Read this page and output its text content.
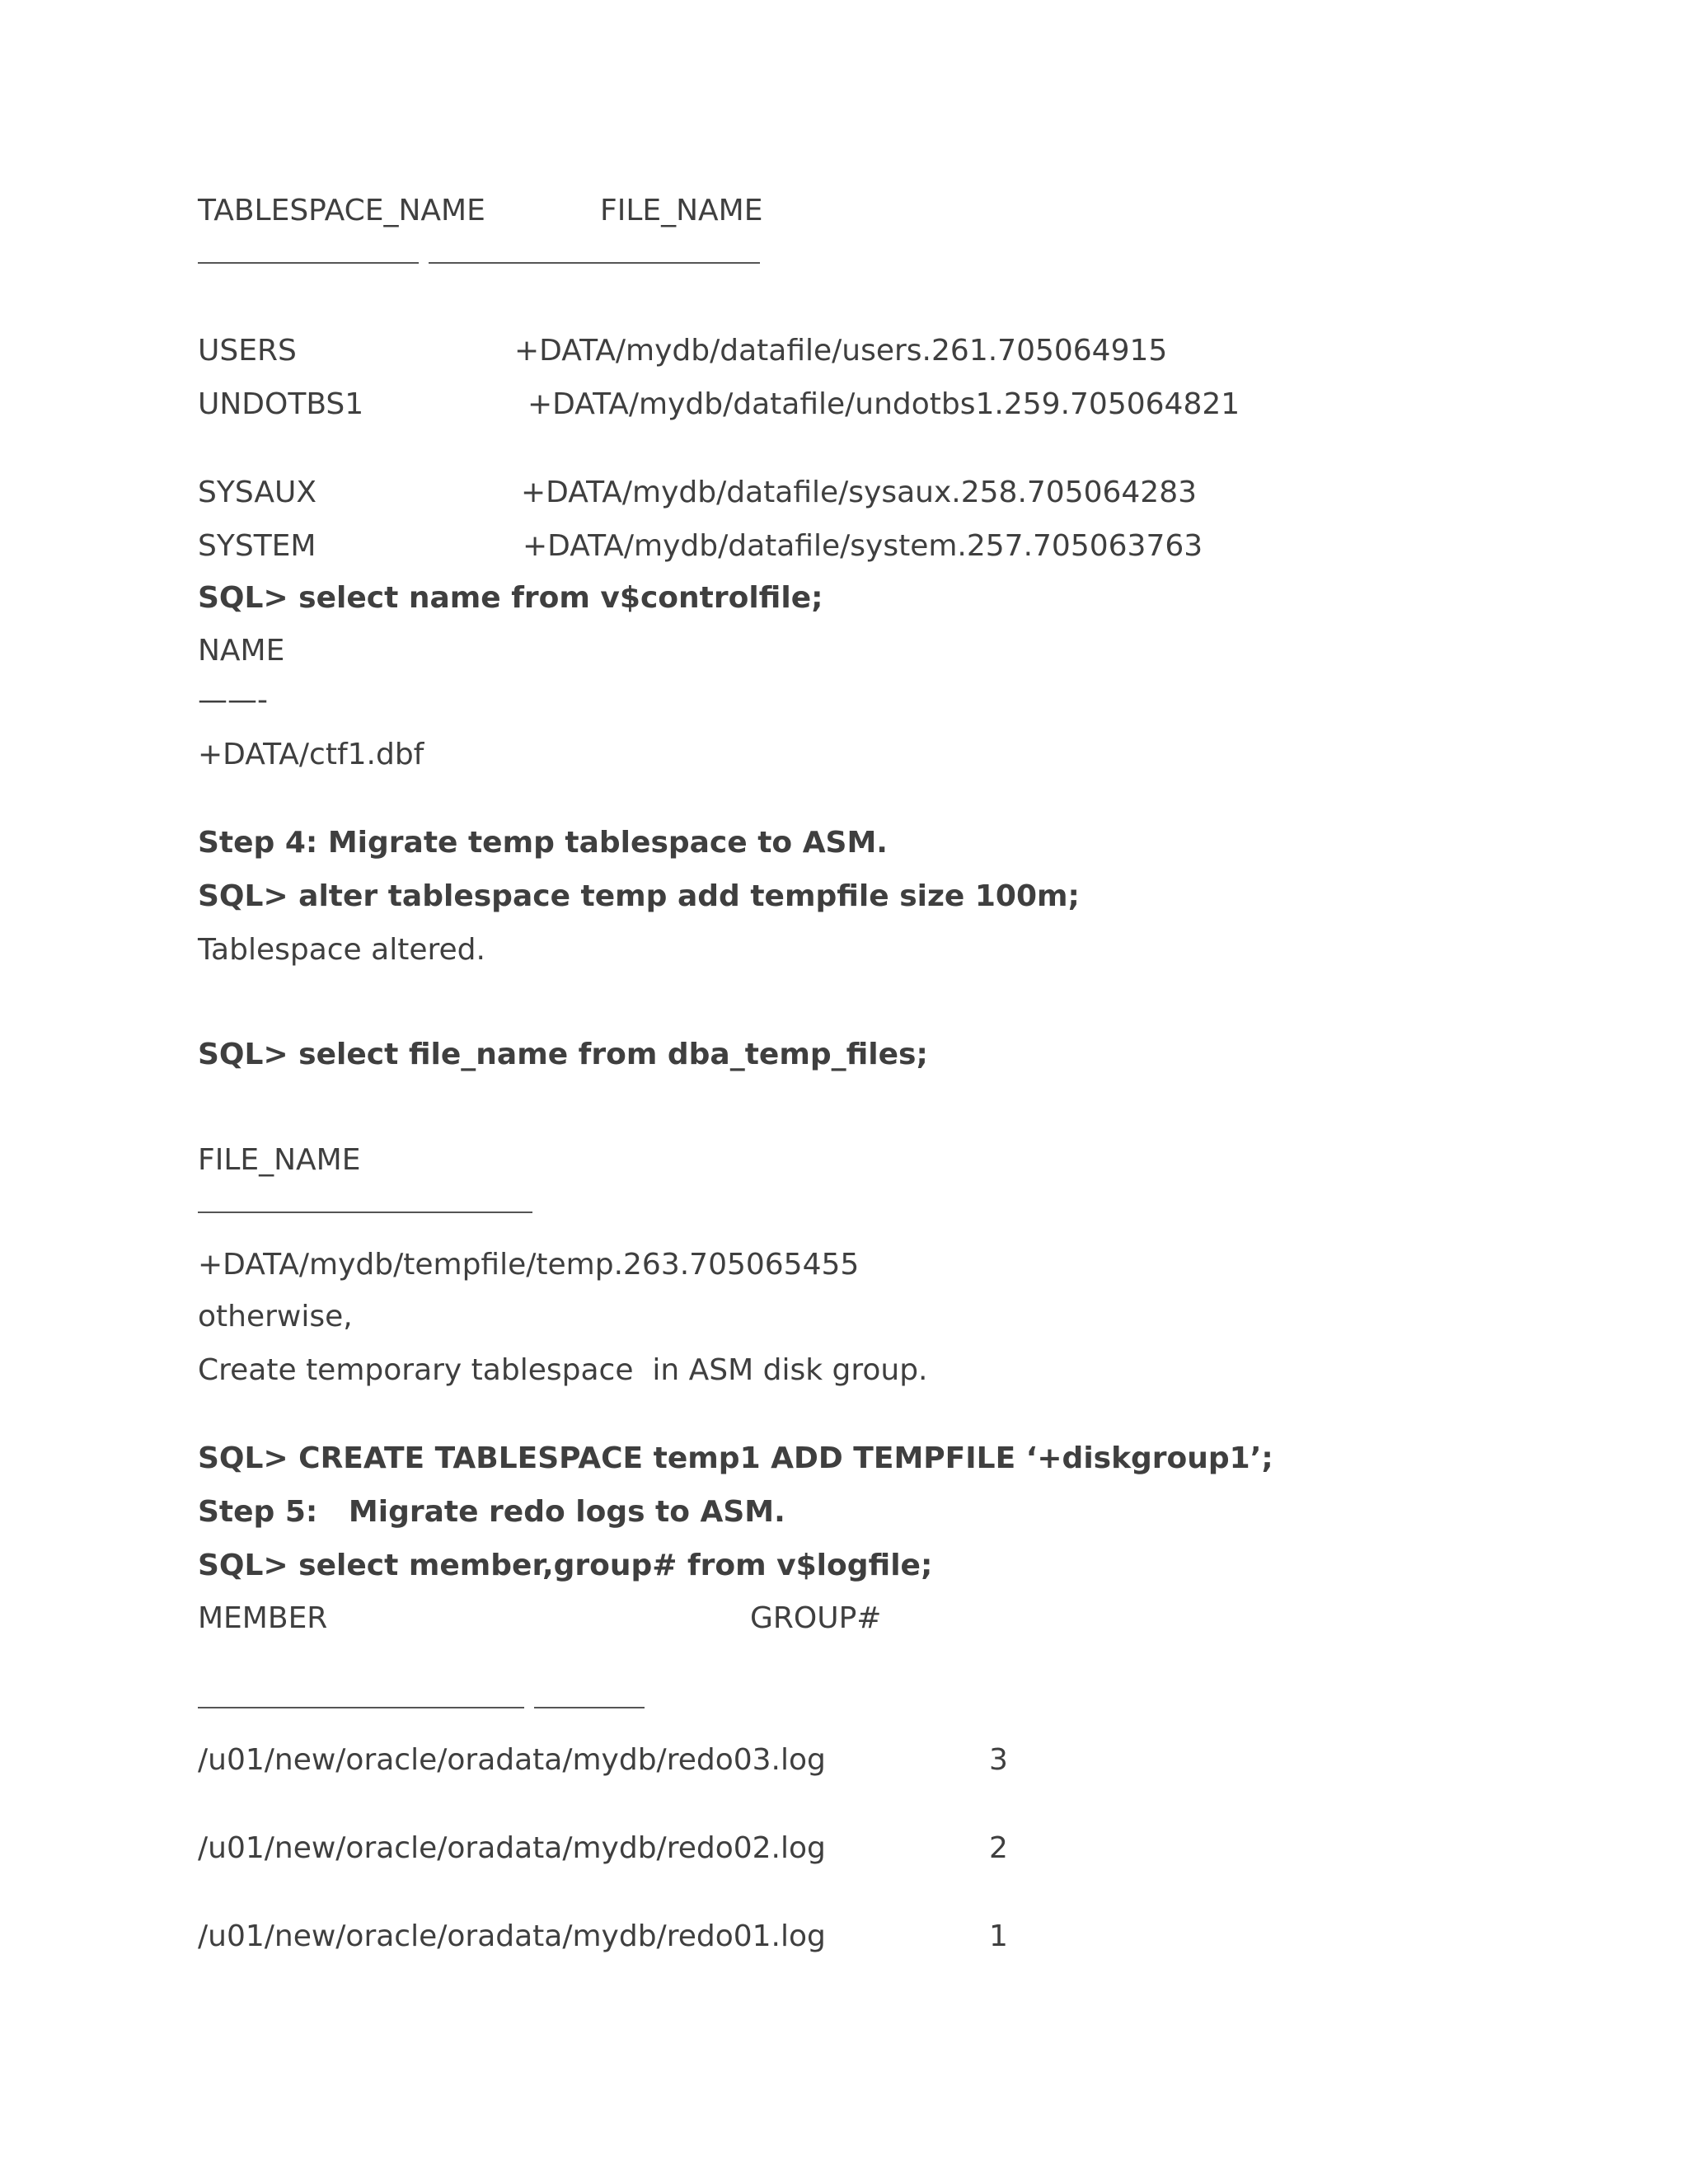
TABLESPACE_NAME	FILE_NAME
USERS	+DATA/mydb/datafile/users.261.705064915
UNDOTBS1	+DATA/mydb/datafile/undotbs1.259.705064821
SYSAUX	+DATA/mydb/datafile/sysaux.258.705064283
SYSTEM	+DATA/mydb/datafile/system.257.705063763
SQL> select name from v$controlfile;
NAME
——-
+DATA/ctf1.dbf
Step 4: Migrate temp tablespace to ASM.
SQL> alter tablespace temp add tempfile size 100m;
Tablespace altered.
SQL> select file_name from dba_temp_files;
FILE_NAME
+DATA/mydb/tempfile/temp.263.705065455
otherwise,
Create temporary tablespace  in ASM disk group.
SQL> CREATE TABLESPACE temp1 ADD TEMPFILE ‘+diskgroup1’;
Step 5:   Migrate redo logs to ASM.
SQL> select member,group# from v$logfile;
MEMBER	GROUP#
/u01/new/oracle/oradata/mydb/redo03.log	3
/u01/new/oracle/oradata/mydb/redo02.log	2
/u01/new/oracle/oradata/mydb/redo01.log	1
